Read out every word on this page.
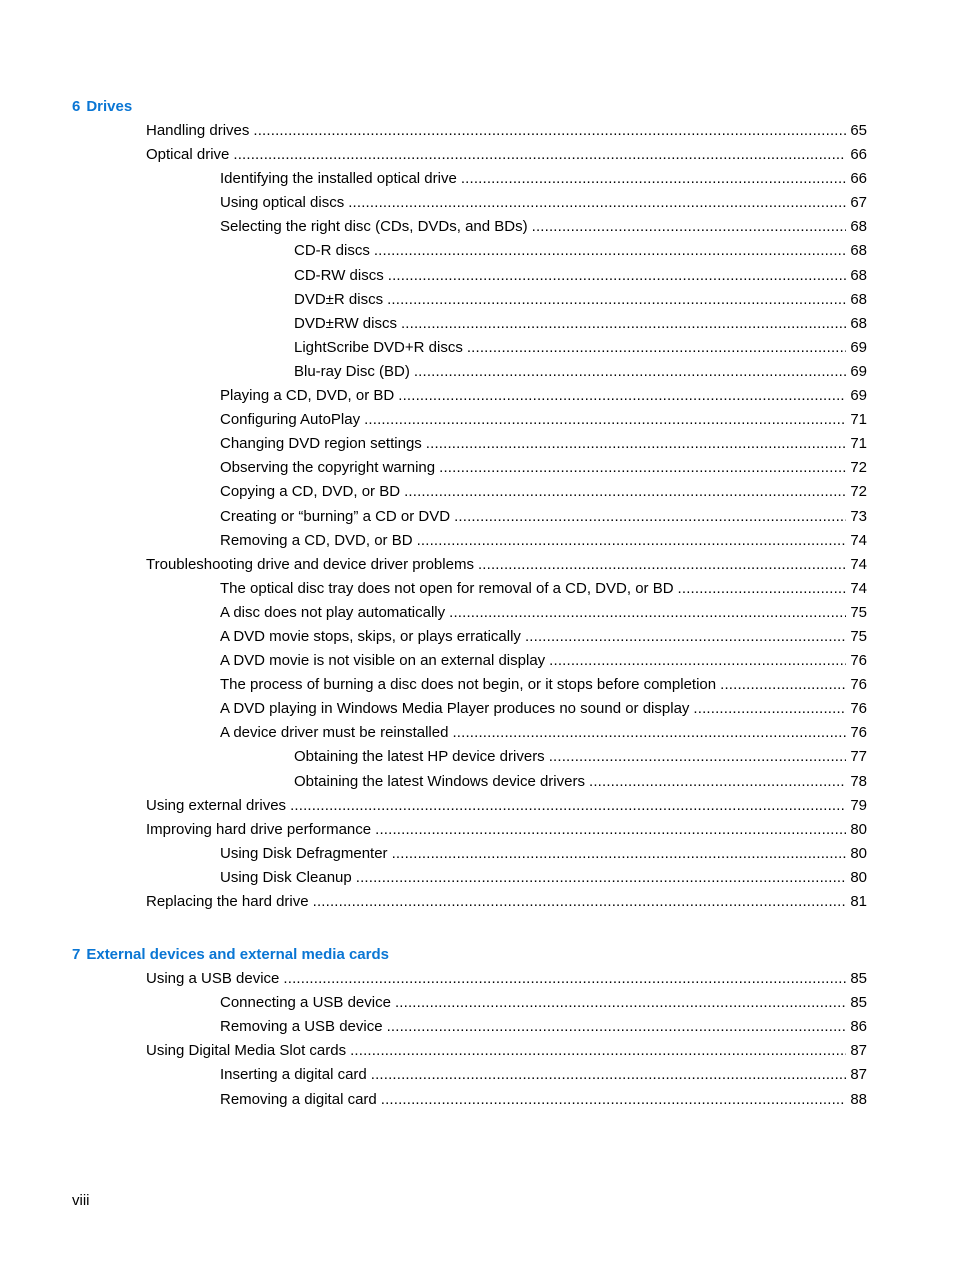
6 Drives
Handling drives . . .	65
Optical drive . . .	66
Identifying the installed optical drive . . .	66
Using optical discs . . .	67
Selecting the right disc (CDs, DVDs, and BDs) . . .	68
CD-R discs . . .	68
CD-RW discs . . .	68
DVD±R discs . . .	68
DVD±RW discs . . .	68
LightScribe DVD+R discs . . .	69
Blu-ray Disc (BD) . . .	69
Playing a CD, DVD, or BD . . .	69
Configuring AutoPlay . . .	71
Changing DVD region settings . . .	71
Observing the copyright warning . . .	72
Copying a CD, DVD, or BD . . .	72
Creating or “burning” a CD or DVD . . .	73
Removing a CD, DVD, or BD . . .	74
Troubleshooting drive and device driver problems . . .	74
The optical disc tray does not open for removal of a CD, DVD, or BD . . .	74
A disc does not play automatically . . .	75
A DVD movie stops, skips, or plays erratically . . .	75
A DVD movie is not visible on an external display . . .	76
The process of burning a disc does not begin, or it stops before completion . . .	76
A DVD playing in Windows Media Player produces no sound or display . . .	76
A device driver must be reinstalled . . .	76
Obtaining the latest HP device drivers . . .	77
Obtaining the latest Windows device drivers . . .	78
Using external drives . . .	79
Improving hard drive performance . . .	80
Using Disk Defragmenter . . .	80
Using Disk Cleanup . . .	80
Replacing the hard drive . . .	81
7 External devices and external media cards
Using a USB device . . .	85
Connecting a USB device . . .	85
Removing a USB device . . .	86
Using Digital Media Slot cards . . .	87
Inserting a digital card . . .	87
Removing a digital card . . .	88
viii
